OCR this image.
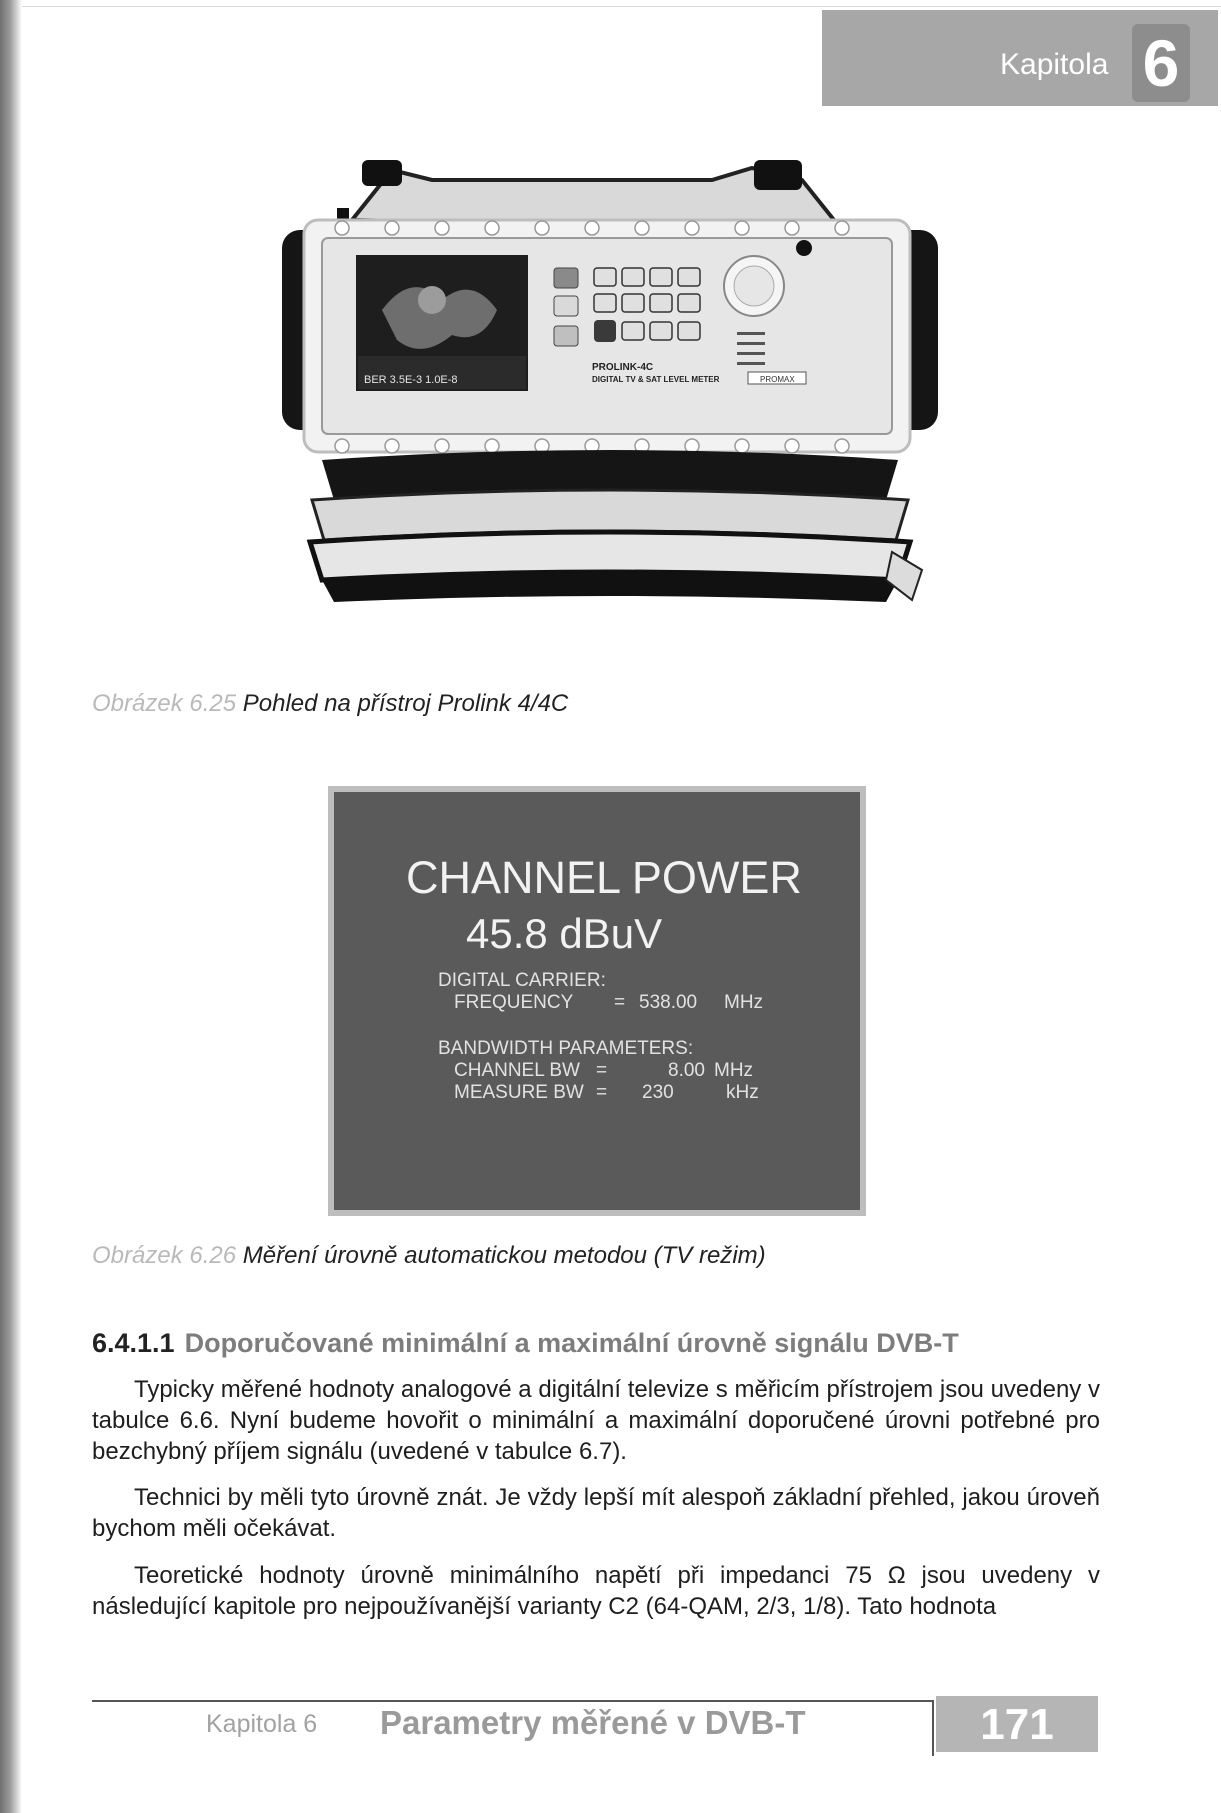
Kapitola 6
BER 3.5E-3 1.0E-8
PROLINK-4C
DIGITAL TV & SAT LEVEL METER	PROMAX
Obrázek 6.25 Pohled na přístroj Prolink 4/4C
CHANNEL POWER
45.8 dBuV
DIGITAL CARRIER:
FREQUENCY = 538.00 MHz
BANDWIDTH PARAMETERS:
CHANNEL BW =	8.00 MHz
MEASURE BW = 230	kHz
Obrázek 6.26 Měření úrovně automatickou metodou (TV režim)
6.4.1.1 Doporučované minimální a maximální úrovně signálu DVB-T
Typicky měřené hodnoty analogové a digitální televize s měřicím přístrojem jsou uvedeny v tabulce 6.6. Nyní budeme hovořit o minimální a maximální doporučené úrovni potřebné pro bezchybný příjem signálu (uvedené v tabulce 6.7).
Technici by měli tyto úrovně znát. Je vždy lepší mít alespoň základní přehled, jakou úroveň bychom měli očekávat.
Teoretické hodnoty úrovně minimálního napětí při impedanci 75 Ω jsou uvedeny v následující kapitole pro nejpoužívanější varianty C2 (64-QAM, 2/3, 1/8). Tato hodnota
Kapitola 6 Parametry měřené v DVB-T	171
